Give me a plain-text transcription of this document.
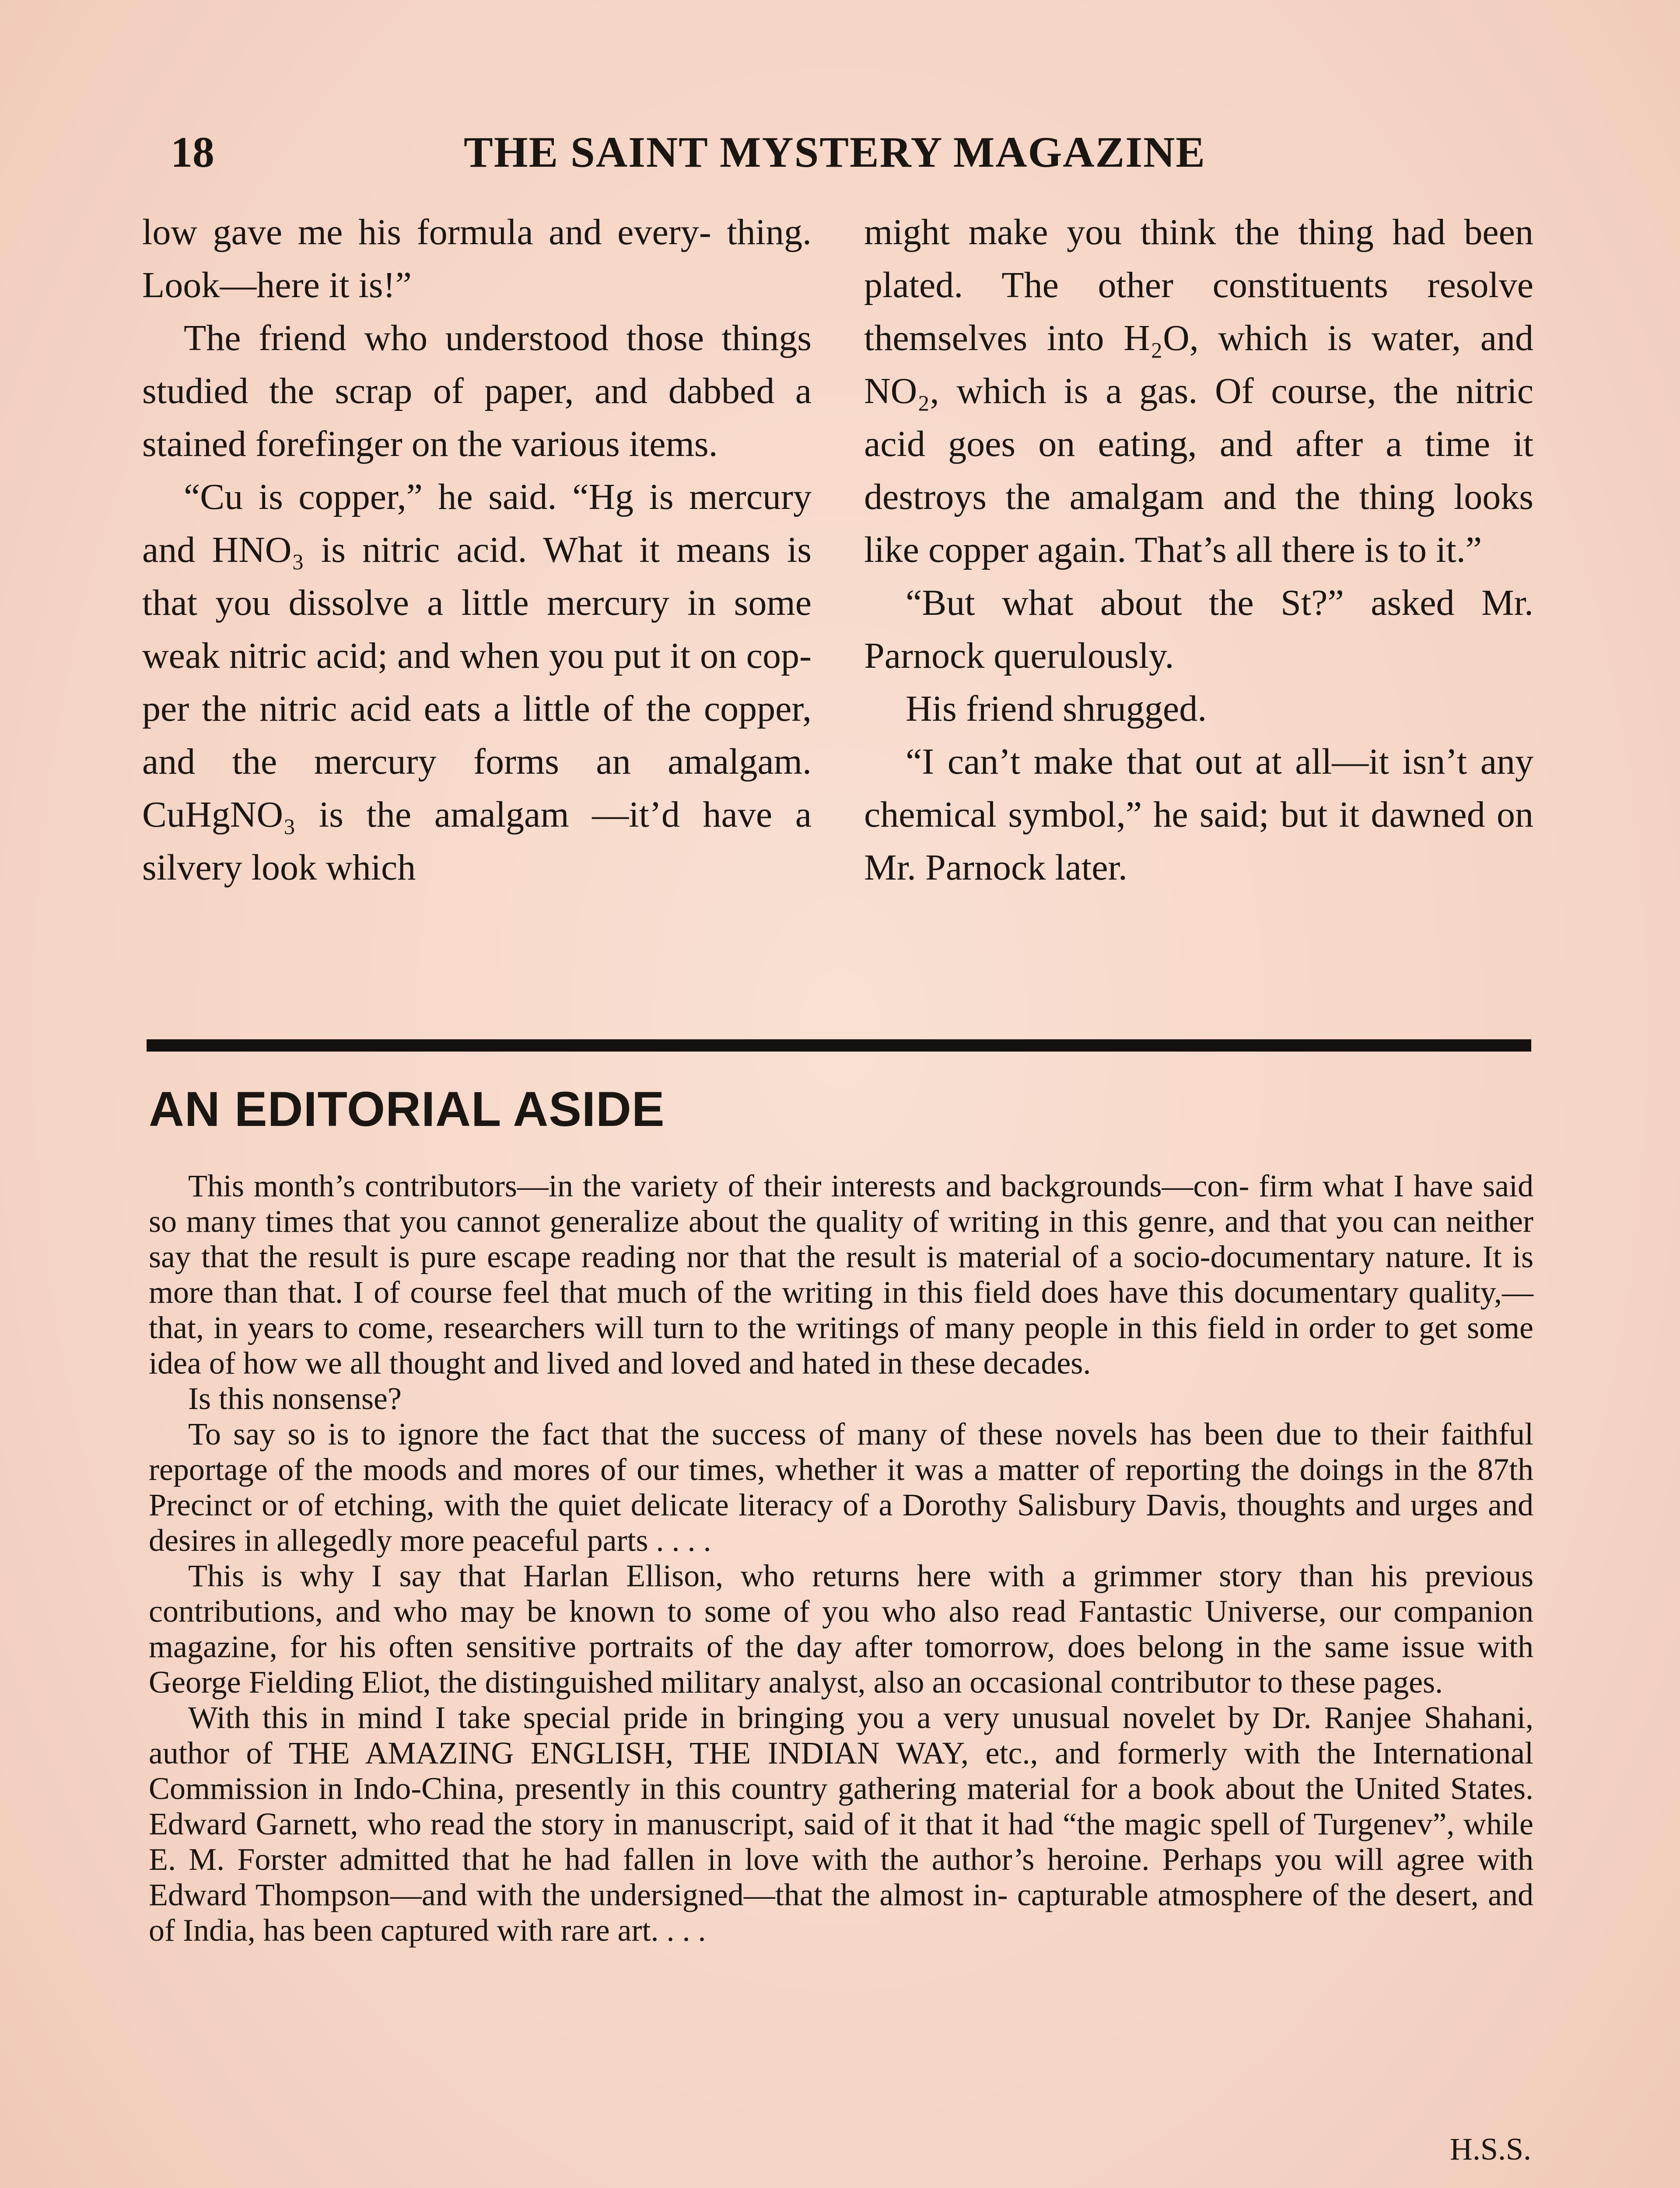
18	THE SAINT MYSTERY MAGAZINE

low gave me his formula and every- thing. Look—here it is!”

The friend who understood those things studied the scrap of paper, and dabbed a stained forefinger on the various items.

“Cu is copper,” he said. “Hg is mercury and HNO₃ is nitric acid. What it means is that you dissolve a little mercury in some weak nitric acid; and when you put it on cop- per the nitric acid eats a little of the copper, and the mercury forms an amalgam. CuHgNO₃ is the amalgam —it’d have a silvery look which

might make you think the thing had been plated. The other constituents resolve themselves into H₂O, which is water, and NO₂, which is a gas. Of course, the nitric acid goes on eating, and after a time it destroys the amalgam and the thing looks like copper again. That’s all there is to it.”

“But what about the St?” asked Mr. Parnock querulously.

His friend shrugged.

“I can’t make that out at all—it isn’t any chemical symbol,” he said; but it dawned on Mr. Parnock later.

AN EDITORIAL ASIDE

This month’s contributors—in the variety of their interests and backgrounds—con- firm what I have said so many times that you cannot generalize about the quality of writing in this genre, and that you can neither say that the result is pure escape reading nor that the result is material of a socio-documentary nature. It is more than that. I of course feel that much of the writing in this field does have this documentary quality,— that, in years to come, researchers will turn to the writings of many people in this field in order to get some idea of how we all thought and lived and loved and hated in these decades.

Is this nonsense?

To say so is to ignore the fact that the success of many of these novels has been due to their faithful reportage of the moods and mores of our times, whether it was a matter of reporting the doings in the 87th Precinct or of etching, with the quiet delicate literacy of a Dorothy Salisbury Davis, thoughts and urges and desires in allegedly more peaceful parts . . . .

This is why I say that Harlan Ellison, who returns here with a grimmer story than his previous contributions, and who may be known to some of you who also read Fantastic Universe, our companion magazine, for his often sensitive portraits of the day after tomorrow, does belong in the same issue with George Fielding Eliot, the distinguished military analyst, also an occasional contributor to these pages.

With this in mind I take special pride in bringing you a very unusual novelet by Dr. Ranjee Shahani, author of THE AMAZING ENGLISH, THE INDIAN WAY, etc., and formerly with the International Commission in Indo-China, presently in this country gathering material for a book about the United States. Edward Garnett, who read the story in manuscript, said of it that it had “the magic spell of Turgenev”, while E. M. Forster admitted that he had fallen in love with the author’s heroine. Perhaps you will agree with Edward Thompson—and with the undersigned—that the almost in- capturable atmosphere of the desert, and of India, has been captured with rare art. . . .

H.S.S.
